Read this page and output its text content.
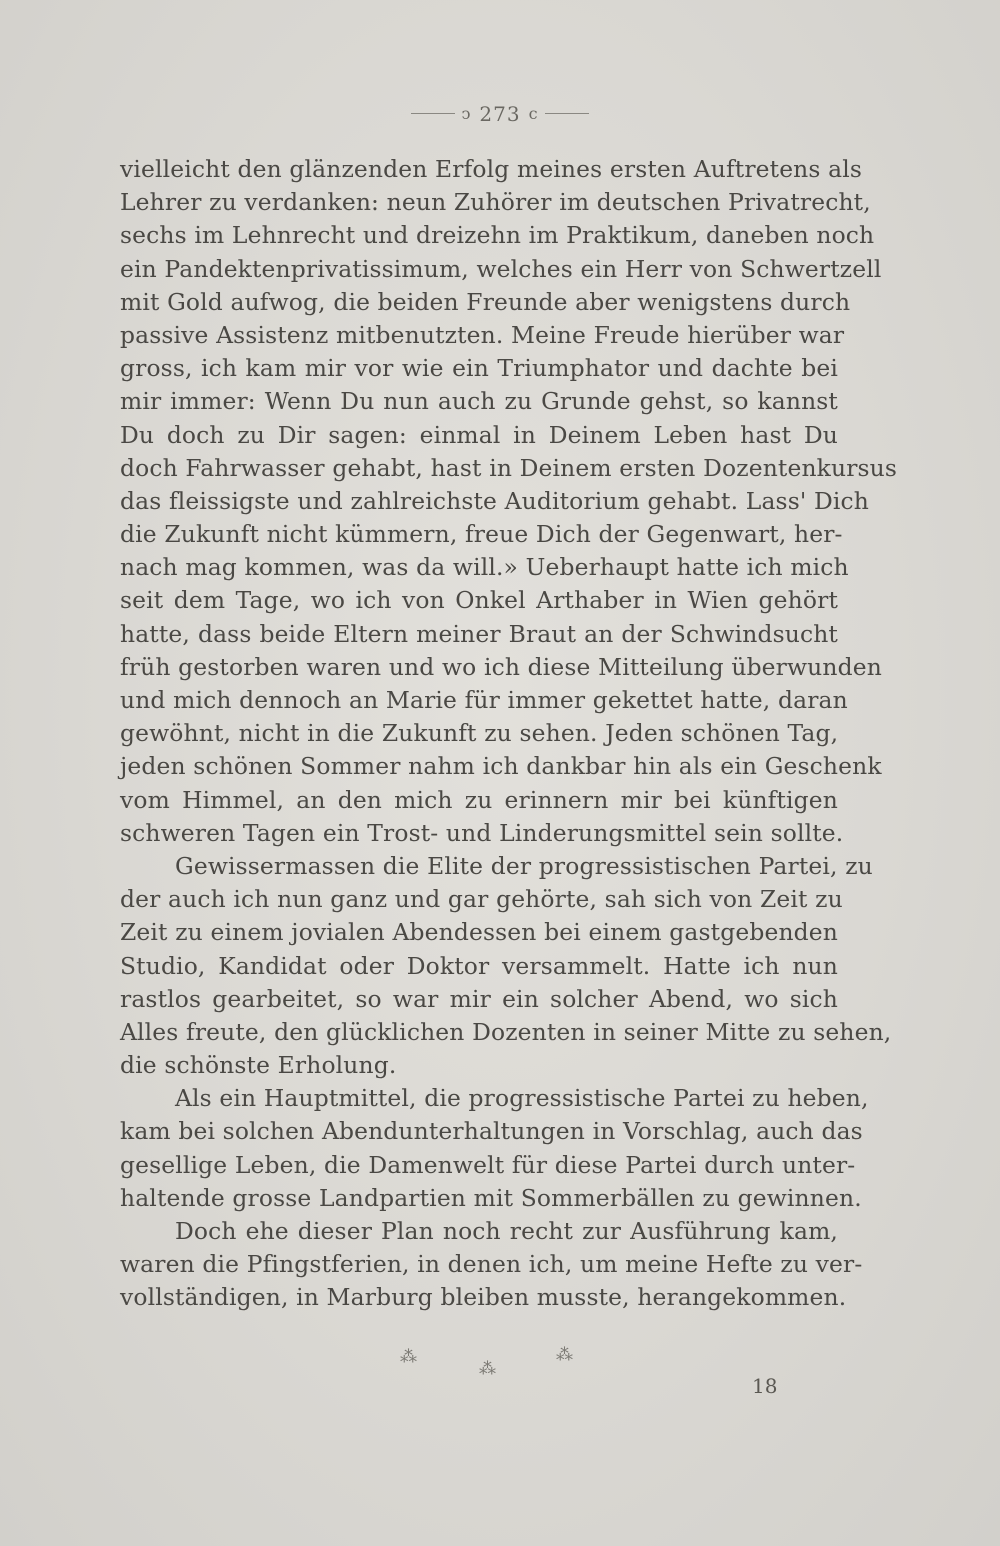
ↄ 273 c
vielleicht den glänzenden Erfolg meines ersten Auftretens als
Lehrer zu verdanken: neun Zuhörer im deutschen Privatrecht,
sechs im Lehnrecht und dreizehn im Praktikum, daneben noch
ein Pandektenprivatissimum, welches ein Herr von Schwertzell
mit Gold aufwog, die beiden Freunde aber wenigstens durch
passive Assistenz mitbenutzten. Meine Freude hierüber war
gross, ich kam mir vor wie ein Triumphator und dachte bei
mir immer: Wenn Du nun auch zu Grunde gehst, so kannst
Du doch zu Dir sagen: einmal in Deinem Leben hast Du
doch Fahrwasser gehabt, hast in Deinem ersten Dozentenkursus
das fleissigste und zahlreichste Auditorium gehabt. Lass' Dich
die Zukunft nicht kümmern, freue Dich der Gegenwart, her-
nach mag kommen, was da will.» Ueberhaupt hatte ich mich
seit dem Tage, wo ich von Onkel Arthaber in Wien gehört
hatte, dass beide Eltern meiner Braut an der Schwindsucht
früh gestorben waren und wo ich diese Mitteilung überwunden
und mich dennoch an Marie für immer gekettet hatte, daran
gewöhnt, nicht in die Zukunft zu sehen. Jeden schönen Tag,
jeden schönen Sommer nahm ich dankbar hin als ein Geschenk
vom Himmel, an den mich zu erinnern mir bei künftigen
schweren Tagen ein Trost- und Linderungsmittel sein sollte.
Gewissermassen die Elite der progressistischen Partei, zu
der auch ich nun ganz und gar gehörte, sah sich von Zeit zu
Zeit zu einem jovialen Abendessen bei einem gastgebenden
Studio, Kandidat oder Doktor versammelt. Hatte ich nun
rastlos gearbeitet, so war mir ein solcher Abend, wo sich
Alles freute, den glücklichen Dozenten in seiner Mitte zu sehen,
die schönste Erholung.
Als ein Hauptmittel, die progressistische Partei zu heben,
kam bei solchen Abendunterhaltungen in Vorschlag, auch das
gesellige Leben, die Damenwelt für diese Partei durch unter-
haltende grosse Landpartien mit Sommerbällen zu gewinnen.
Doch ehe dieser Plan noch recht zur Ausführung kam,
waren die Pfingstferien, in denen ich, um meine Hefte zu ver-
vollständigen, in Marburg bleiben musste, herangekommen.
⁂
⁂
⁂
18
